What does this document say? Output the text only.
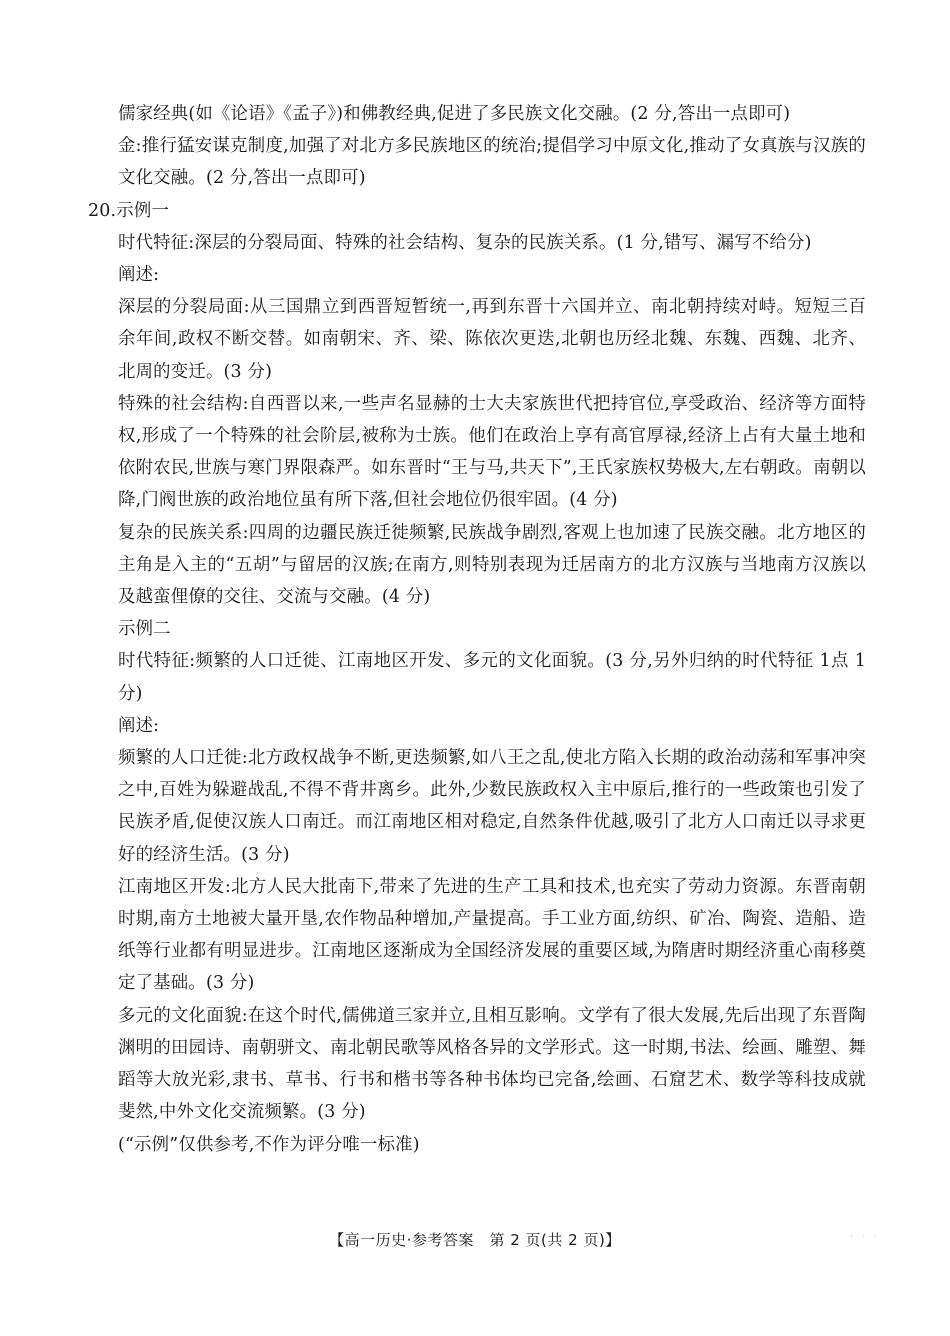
儒家经典(如《论语》《孟子》)和佛教经典,促进了多民族文化交融。(2 分,答出一点即可)

金:推行猛安谋克制度,加强了对北方多民族地区的统治;提倡学习中原文化,推动了女真族与汉族的文化交融。(2 分,答出一点即可)

20.示例一

时代特征:深层的分裂局面、特殊的社会结构、复杂的民族关系。(1 分,错写、漏写不给分)

阐述:

深层的分裂局面:从三国鼎立到西晋短暂统一,再到东晋十六国并立、南北朝持续对峙。短短三百余年间,政权不断交替。如南朝宋、齐、梁、陈依次更迭,北朝也历经北魏、东魏、西魏、北齐、北周的变迁。(3 分)

特殊的社会结构:自西晋以来,一些声名显赫的士大夫家族世代把持官位,享受政治、经济等方面特权,形成了一个特殊的社会阶层,被称为士族。他们在政治上享有高官厚禄,经济上占有大量土地和依附农民,世族与寒门界限森严。如东晋时“王与马,共天下”,王氏家族权势极大,左右朝政。南朝以降,门阀世族的政治地位虽有所下落,但社会地位仍很牢固。(4 分)

复杂的民族关系:四周的边疆民族迁徙频繁,民族战争剧烈,客观上也加速了民族交融。北方地区的主角是入主的“五胡”与留居的汉族;在南方,则特别表现为迁居南方的北方汉族与当地南方汉族以及越蛮俚僚的交往、交流与交融。(4 分)

示例二

时代特征:频繁的人口迁徙、江南地区开发、多元的文化面貌。(3 分,另外归纳的时代特征 1点 1 分)

阐述:

频繁的人口迁徙:北方政权战争不断,更迭频繁,如八王之乱,使北方陷入长期的政治动荡和军事冲突之中,百姓为躲避战乱,不得不背井离乡。此外,少数民族政权入主中原后,推行的一些政策也引发了民族矛盾,促使汉族人口南迁。而江南地区相对稳定,自然条件优越,吸引了北方人口南迁以寻求更好的经济生活。(3 分)

江南地区开发:北方人民大批南下,带来了先进的生产工具和技术,也充实了劳动力资源。东晋南朝时期,南方土地被大量开垦,农作物品种增加,产量提高。手工业方面,纺织、矿冶、陶瓷、造船、造纸等行业都有明显进步。江南地区逐渐成为全国经济发展的重要区域,为隋唐时期经济重心南移奠定了基础。(3 分)

多元的文化面貌:在这个时代,儒佛道三家并立,且相互影响。文学有了很大发展,先后出现了东晋陶渊明的田园诗、南朝骈文、南北朝民歌等风格各异的文学形式。这一时期,书法、绘画、雕塑、舞蹈等大放光彩,隶书、草书、行书和楷书等各种书体均已完备,绘画、石窟艺术、数学等科技成就斐然,中外文化交流频繁。(3 分)

(“示例”仅供参考,不作为评分唯一标准)

【高一历史·参考答案　第 2 页(共 2 页)】	· · ·
